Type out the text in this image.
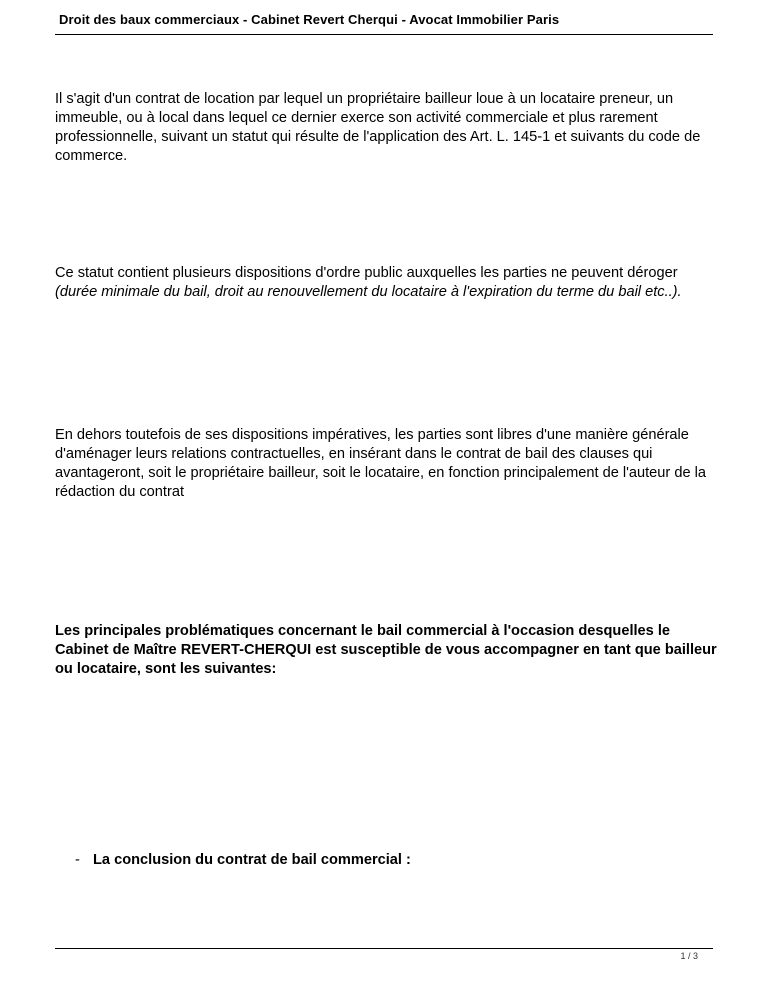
Droit des baux commerciaux - Cabinet Revert Cherqui - Avocat Immobilier Paris

Il s'agit d'un contrat de location par lequel un propriétaire bailleur loue à un locataire preneur, un immeuble, ou à local dans lequel ce dernier exerce son activité commerciale et plus rarement professionnelle, suivant un statut qui résulte de l'application des Art. L. 145-1 et suivants du code de commerce.

Ce statut contient plusieurs dispositions d'ordre public auxquelles les parties ne peuvent déroger (durée minimale du bail, droit au renouvellement du locataire à l'expiration du terme du bail etc..).

En dehors toutefois de ses dispositions impératives, les parties sont libres d'une manière générale d'aménager leurs relations contractuelles, en insérant dans le contrat de bail des clauses qui avantageront, soit le propriétaire bailleur, soit le locataire, en fonction principalement de l'auteur de la rédaction du contrat

Les principales problématiques concernant le bail commercial à l'occasion desquelles le Cabinet de Maître REVERT-CHERQUI est susceptible de vous accompagner en tant que bailleur ou locataire, sont les suivantes:

- La conclusion du contrat de bail commercial :
1 / 3
